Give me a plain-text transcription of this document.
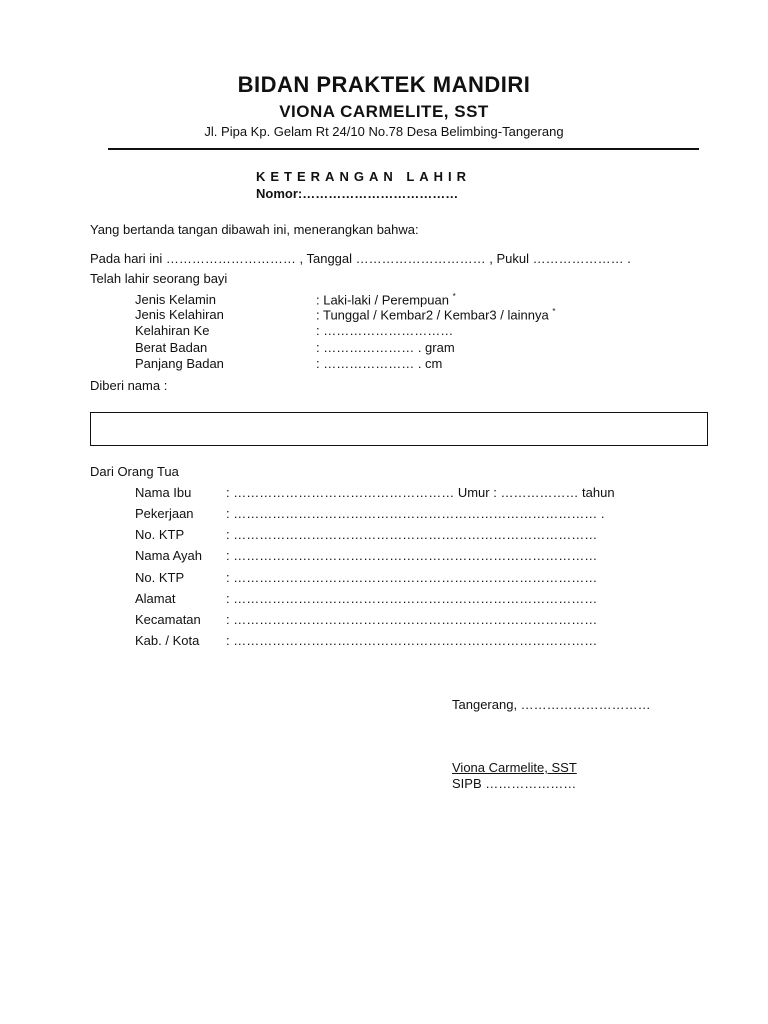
BIDAN PRAKTEK MANDIRI
VIONA CARMELITE, SST
Jl. Pipa Kp. Gelam Rt 24/10 No.78 Desa Belimbing-Tangerang
KETERANGAN LAHIR
Nomor:………………………………
Yang bertanda tangan dibawah ini, menerangkan bahwa:
Pada hari ini ………………………… , Tanggal ………………………… , Pukul ………………… .
Telah lahir seorang bayi
Jenis Kelamin	: Laki-laki / Perempuan *
Jenis Kelahiran	: Tunggal / Kembar2 / Kembar3 / lainnya *
Kelahiran Ke	: …………………………
Berat Badan	: ………………… . gram
Panjang Badan	: ………………… . cm
Diberi nama :
Dari Orang Tua
Nama Ibu	: …………………………………………… Umur : ……………… tahun
Pekerjaan : ………………………………………………………………………… .
No. KTP	: …………………………………………………………………………
Nama Ayah : …………………………………………………………………………
No. KTP	: …………………………………………………………………………
Alamat	: …………………………………………………………………………
Kecamatan : …………………………………………………………………………
Kab. / Kota : …………………………………………………………………………
Tangerang, …………………………
Viona Carmelite, SST
SIPB …………………
